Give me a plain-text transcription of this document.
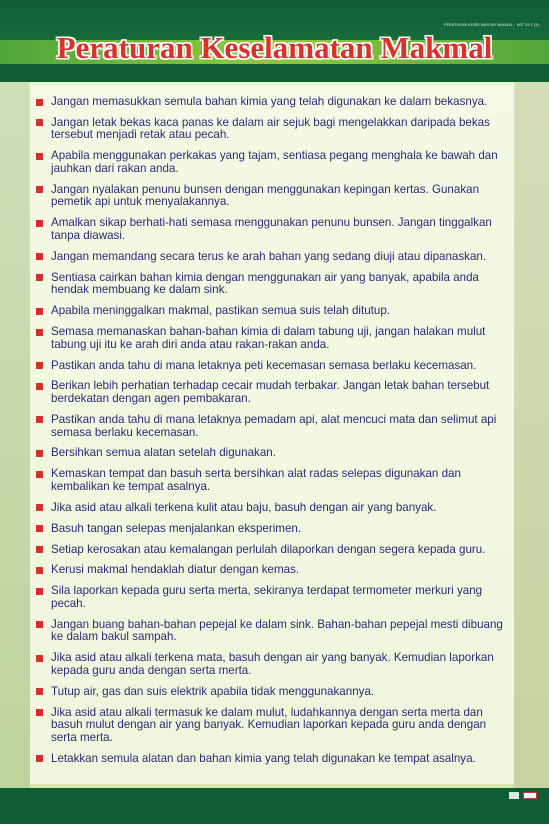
PERATURAN KESELAMATAN MAKMAL · KRT 09 1 (5)
Peraturan Keselamatan Makmal
Jangan memasukkan semula bahan kimia yang telah digunakan ke dalam bekasnya.
Jangan letak bekas kaca panas ke dalam air sejuk bagi mengelakkan daripada bekas tersebut menjadi retak atau pecah.
Apabila menggunakan perkakas yang tajam, sentiasa pegang menghala ke bawah dan jauhkan dari rakan anda.
Jangan nyalakan penunu bunsen dengan menggunakan kepingan kertas. Gunakan pemetik api untuk menyalakannya.
Amalkan sikap berhati-hati semasa menggunakan penunu bunsen. Jangan tinggalkan tanpa diawasi.
Jangan memandang secara terus ke arah bahan yang sedang diuji atau dipanaskan.
Sentiasa cairkan bahan kimia dengan menggunakan air yang banyak, apabila anda hendak membuang ke dalam sink.
Apabila meninggalkan makmal, pastikan semua suis telah ditutup.
Semasa memanaskan bahan-bahan kimia di dalam tabung uji, jangan halakan mulut tabung uji itu ke arah diri anda atau rakan-rakan anda.
Pastikan anda tahu di mana letaknya peti kecemasan semasa berlaku kecemasan.
Berikan lebih perhatian terhadap cecair mudah terbakar. Jangan letak bahan tersebut berdekatan dengan agen pembakaran.
Pastikan anda tahu di mana letaknya pemadam api, alat mencuci mata dan selimut api semasa berlaku kecemasan.
Bersihkan semua alatan setelah digunakan.
Kemaskan tempat dan basuh serta bersihkan alat radas selepas digunakan dan kembalikan ke tempat asalnya.
Jika asid atau alkali terkena kulit atau baju, basuh dengan air yang banyak.
Basuh tangan selepas menjalankan eksperimen.
Setiap kerosakan atau kemalangan perlulah dilaporkan dengan segera kepada guru.
Kerusi makmal hendaklah diatur dengan kemas.
Sila laporkan kepada guru serta merta, sekiranya terdapat termometer merkuri yang pecah.
Jangan buang bahan-bahan pepejal ke dalam sink. Bahan-bahan pepejal mesti dibuang ke dalam bakul sampah.
Jika asid atau alkali terkena mata, basuh dengan air yang banyak. Kemudian laporkan kepada guru anda dengan serta merta.
Tutup air, gas dan suis elektrik apabila tidak menggunakannya.
Jika asid atau alkali termasuk ke dalam mulut, ludahkannya dengan serta merta dan basuh mulut dengan air yang banyak. Kemudian laporkan kepada guru anda dengan serta merta.
Letakkan semula alatan dan bahan kimia yang telah digunakan ke tempat asalnya.
